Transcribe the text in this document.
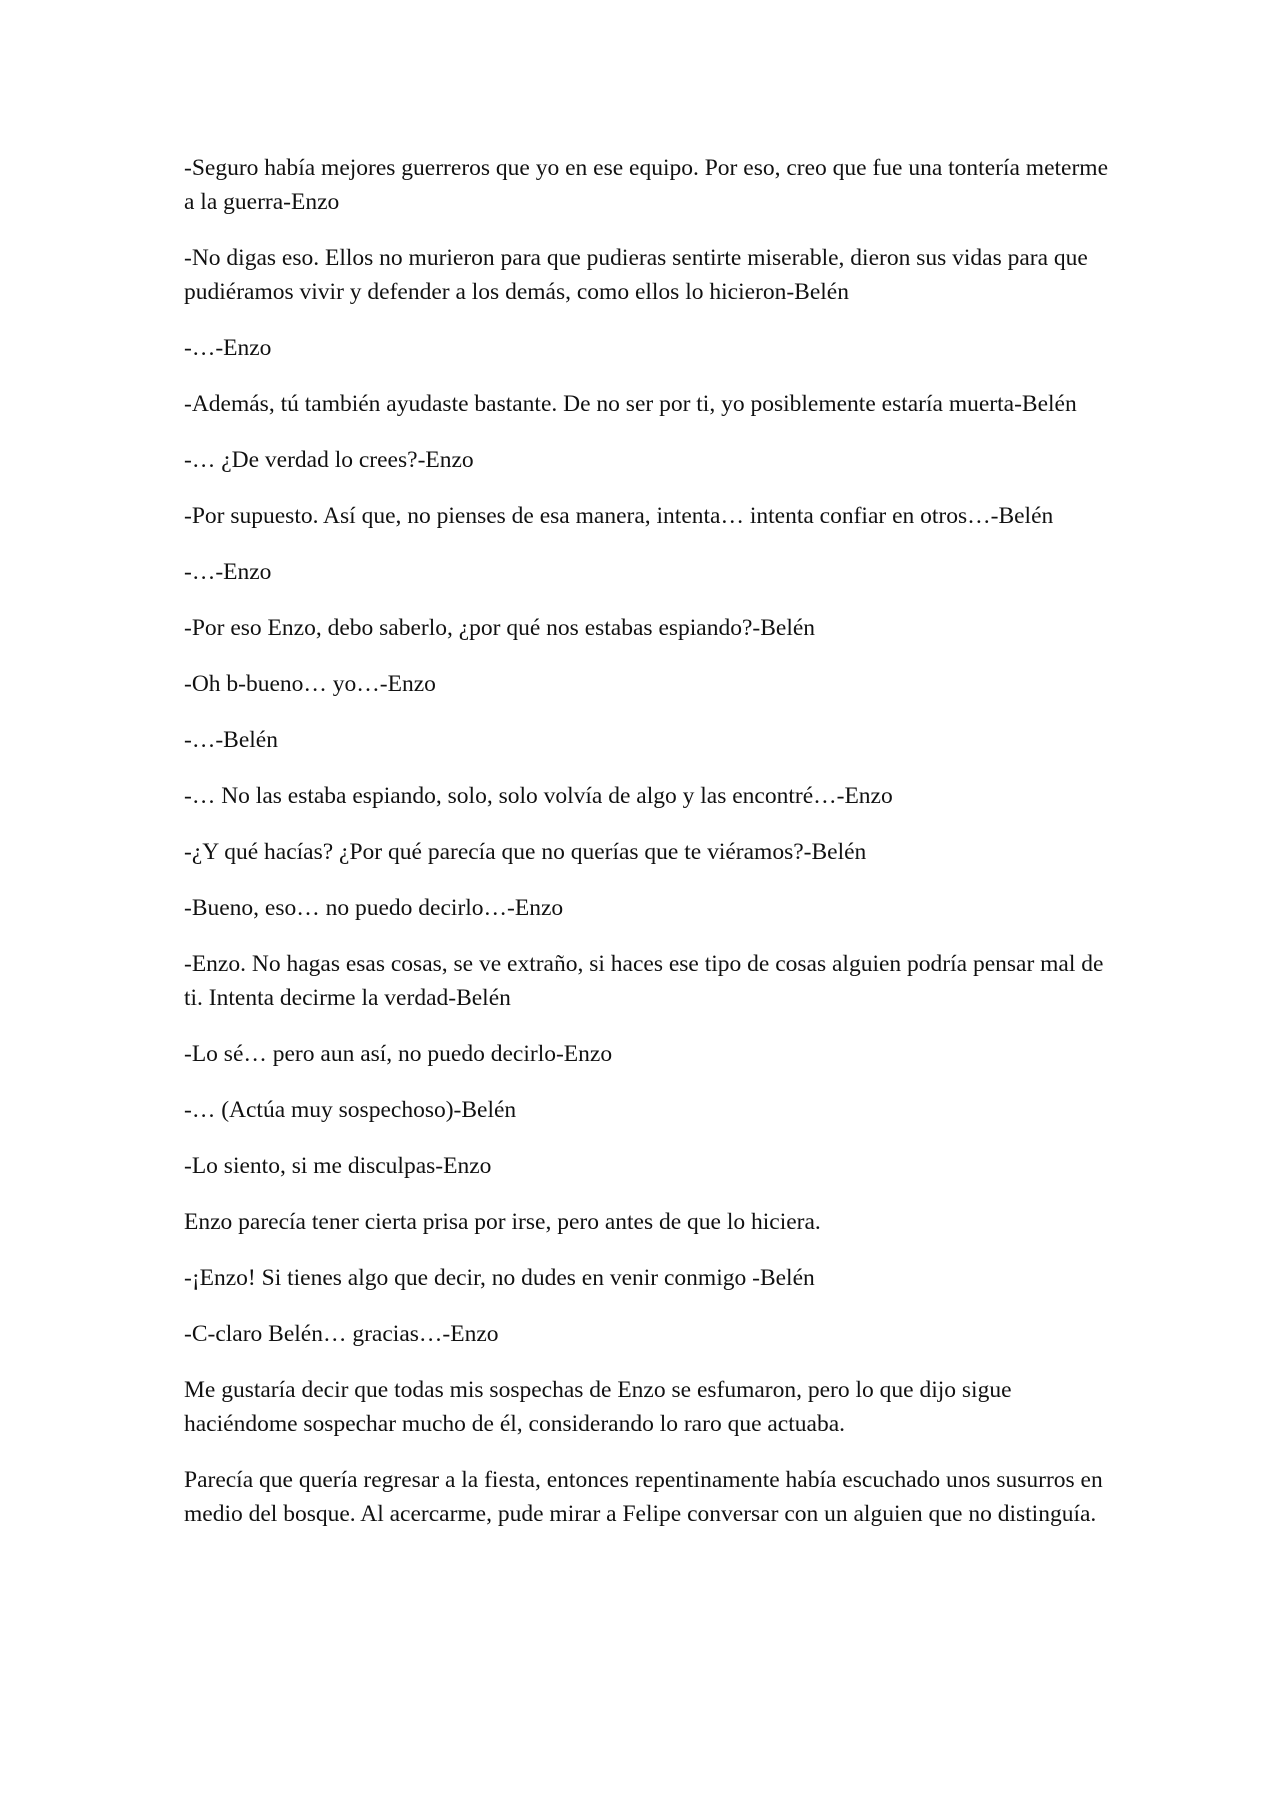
-Seguro había mejores guerreros que yo en ese equipo. Por eso, creo que fue una tontería meterme a la guerra-Enzo

-No digas eso. Ellos no murieron para que pudieras sentirte miserable, dieron sus vidas para que pudiéramos vivir y defender a los demás, como ellos lo hicieron-Belén

-…-Enzo

-Además, tú también ayudaste bastante. De no ser por ti, yo posiblemente estaría muerta-Belén

-… ¿De verdad lo crees?-Enzo

-Por supuesto. Así que, no pienses de esa manera, intenta… intenta confiar en otros…-Belén

-…-Enzo

-Por eso Enzo, debo saberlo, ¿por qué nos estabas espiando?-Belén

-Oh b-bueno… yo…-Enzo

-…-Belén

-… No las estaba espiando, solo, solo volvía de algo y las encontré…-Enzo

-¿Y qué hacías? ¿Por qué parecía que no querías que te viéramos?-Belén

-Bueno, eso… no puedo decirlo…-Enzo

-Enzo. No hagas esas cosas, se ve extraño, si haces ese tipo de cosas alguien podría pensar mal de ti. Intenta decirme la verdad-Belén

-Lo sé… pero aun así, no puedo decirlo-Enzo

-… (Actúa muy sospechoso)-Belén

-Lo siento, si me disculpas-Enzo

Enzo parecía tener cierta prisa por irse, pero antes de que lo hiciera.

-¡Enzo! Si tienes algo que decir, no dudes en venir conmigo -Belén

-C-claro Belén… gracias…-Enzo

Me gustaría decir que todas mis sospechas de Enzo se esfumaron, pero lo que dijo sigue haciéndome sospechar mucho de él, considerando lo raro que actuaba.

Parecía que quería regresar a la fiesta, entonces repentinamente había escuchado unos susurros en medio del bosque. Al acercarme, pude mirar a Felipe conversar con un alguien que no distinguía.
